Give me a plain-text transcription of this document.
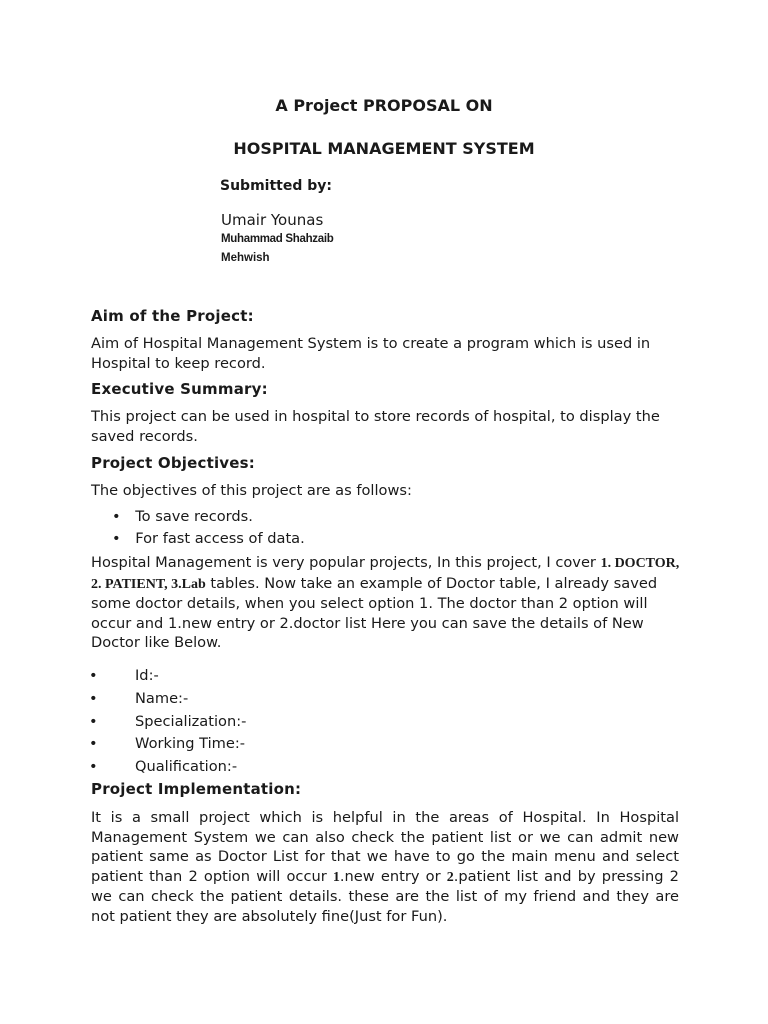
A Project PROPOSAL ON
HOSPITAL MANAGEMENT SYSTEM
Submitted by:
Umair Younas
Muhammad Shahzaib
Mehwish
Aim of the Project:
Aim of Hospital Management System is to create a program which is used in Hospital to keep record.
Executive Summary:
This project can be used in hospital to store records of hospital, to display the saved records.
Project Objectives:
The objectives of this project are as follows:
• To save records.
• For fast access of data.
Hospital Management is very popular projects, In this project, I cover 1. DOCTOR, 2. PATIENT, 3.Lab tables. Now take an example of Doctor table, I already saved some doctor details, when you select option 1. The doctor than 2 option will occur and 1.new entry or 2.doctor list Here you can save the details of New Doctor like Below.
•	Id:-
•	Name:-
•	Specialization:-
•	Working Time:-
•	Qualification:-
Project Implementation:
It is a small project which is helpful in the areas of Hospital. In Hospital Management System we can also check the patient list or we can admit new patient same as Doctor List for that we have to go the main menu and select patient than 2 option will occur 1.new entry or 2.patient list and by pressing 2 we can check the patient details. these are the list of my friend and they are not patient they are absolutely fine(Just for Fun).
